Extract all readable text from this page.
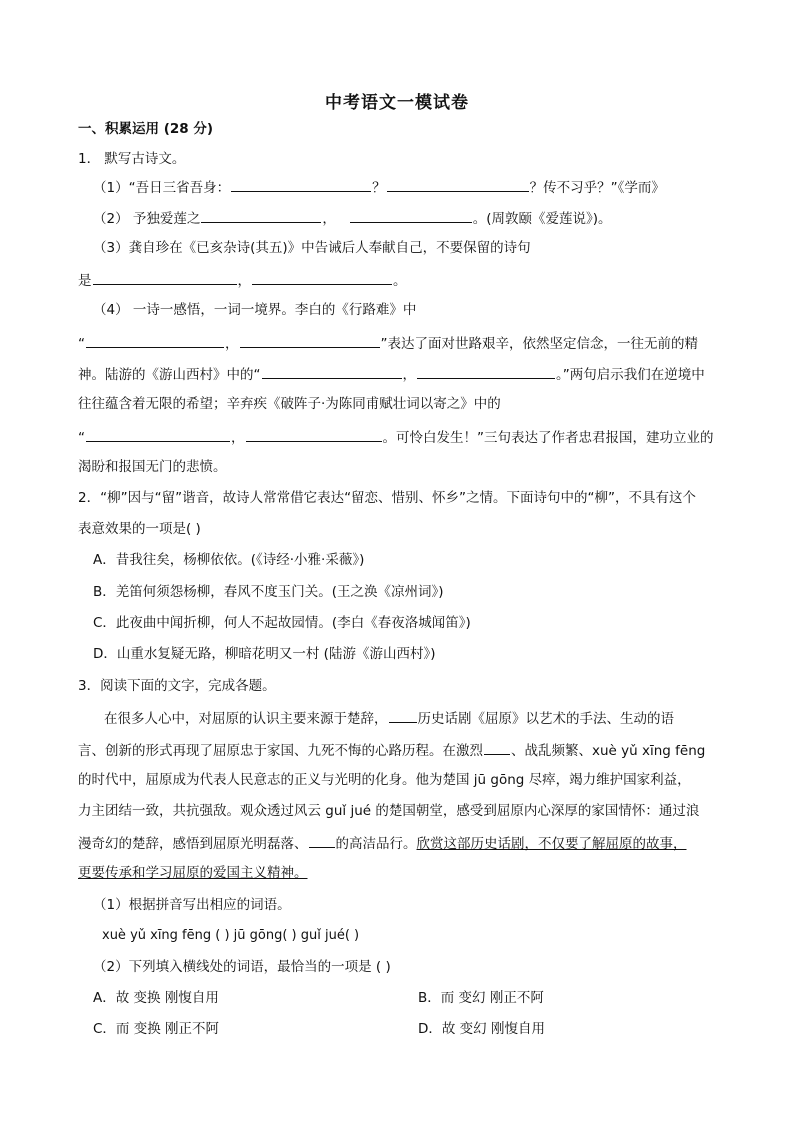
中考语文一模试卷
一、积累运用 (28 分)
1． 默写古诗文。
（1）“吾日三省吾身：	？	？传不习乎？”《学而》
（2） 予独爱莲之	，	。(周敦颐《爱莲说》)。
（3）龚自珍在《已亥杂诗(其五)》中告诫后人奉献自己，不要保留的诗句
是	，	。
（4） 一诗一感悟，一词一境界。李白的《行路难》中
“	，	”表达了面对世路艰辛，依然坚定信念，一往无前的精
神。陆游的《游山西村》中的“	，	。”两句启示我们在逆境中
往往蕴含着无限的希望；辛弃疾《破阵子·为陈同甫赋壮词以寄之》中的
“	，	。可怜白发生！”三句表达了作者忠君报国，建功立业的
渴盼和报国无门的悲愤。
2．“柳”因与“留”谐音，故诗人常常借它表达“留恋、惜别、怀乡”之情。下面诗句中的“柳”，不具有这个
表意效果的一项是( )
A．昔我往矣，杨柳依依。(《诗经·小雅·采薇》)
B．羌笛何须怨杨柳，春风不度玉门关。(王之涣《凉州词》)
C．此夜曲中闻折柳，何人不起故园情。(李白《春夜洛城闻笛》)
D．山重水复疑无路，柳暗花明又一村 (陆游《游山西村》)
3．阅读下面的文字，完成各题。
在很多人心中，对屈原的认识主要来源于楚辞， 历史话剧《屈原》以艺术的手法、生动的语
言、创新的形式再现了屈原忠于家国、九死不悔的心路历程。在激烈 、战乱频繁、xuè yǔ xīng fēng
的时代中，屈原成为代表人民意志的正义与光明的化身。他为楚国 jū gōng 尽瘁，竭力维护国家利益，
力主团结一致，共抗强敌。观众透过风云 guǐ jué 的楚国朝堂，感受到屈原内心深厚的家国情怀：通过浪
漫奇幻的楚辞，感悟到屈原光明磊落、 的高洁品行。欣赏这部历史话剧，不仅要了解屈原的故事，
更要传承和学习屈原的爱国主义精神。
（1）根据拼音写出相应的词语。
xuè yǔ xīng fēng ( ) jū gōng( ) guǐ jué( )
（2）下列填入横线处的词语，最恰当的一项是 ( )
A．故 变换 刚愎自用	B．而 变幻 刚正不阿
C．而 变换 刚正不阿	D．故 变幻 刚愎自用
